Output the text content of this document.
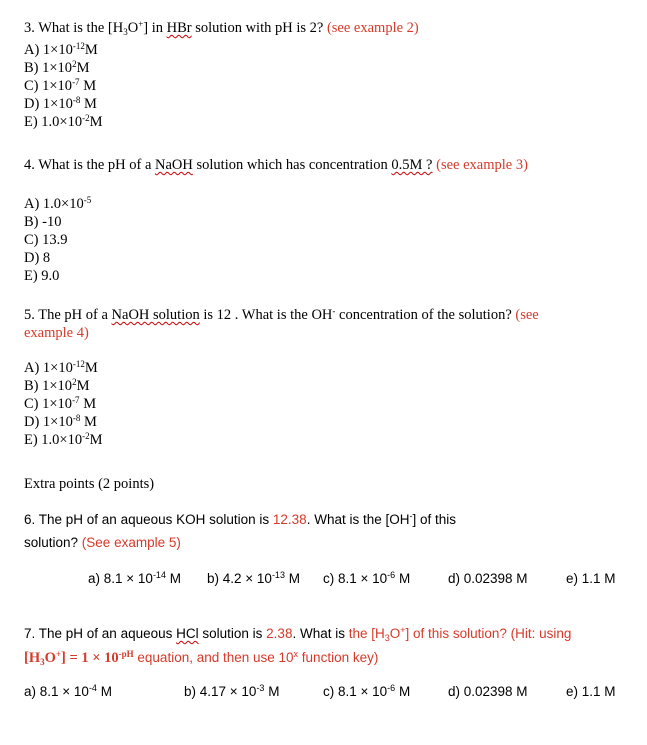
3. What is the $[H_3O^+]$ in HBr solution with pH is 2? (see example 2)
A) $1\times 10^{-12}M$
B) $1\times 10^2M$
C) $1\times 10^{-7}$ M
D) $1\times 10^{-8}$ M
E) $1.0\times 10^{-2}M$
4. What is the pH of a NaOH solution which has concentration 0.5M ? (see example 3)
A) $1.0\times 10^{-5}$
B) -10
C) 13.9
D) 8
E) 9.0
5. The pH of a NaOH solution is 12 . What is the OH- concentration of the solution? (see
example 4)
A) $1\times 10^{-12}M$
B) $1\times 10^2M$
C) $1\times 10^{-7}$ M
D) $1\times 10^{-8}$ M
E) $1.0\times 10^{-2}M$
Extra points (2 points)
6. The pH of an aqueous KOH solution is 12.38. What is the [OH-] of this
solution? (See example 5)
a) $8.1 \times 10^{-14}$ M b) $4.2 \times 10^{-13}$ M c) $8.1 \times 10^{-6}$ M	d) 0.02398 M	e) 1.1 M
7. The pH of an aqueous HCl solution is 2.38. What is the $[H_3O^+]$ of this solution? (Hit: using
$[H3O^+] = 1 \times 10^{-pH}$ equation, and then use 10$^x$ function key)
a) $8.1 \times 10^{-4}$ M	b) $4.17 \times 10^{-3}$ M	c) $8.1 \times 10^{-6}$ M	d) 0.02398 M	e) 1.1 M
